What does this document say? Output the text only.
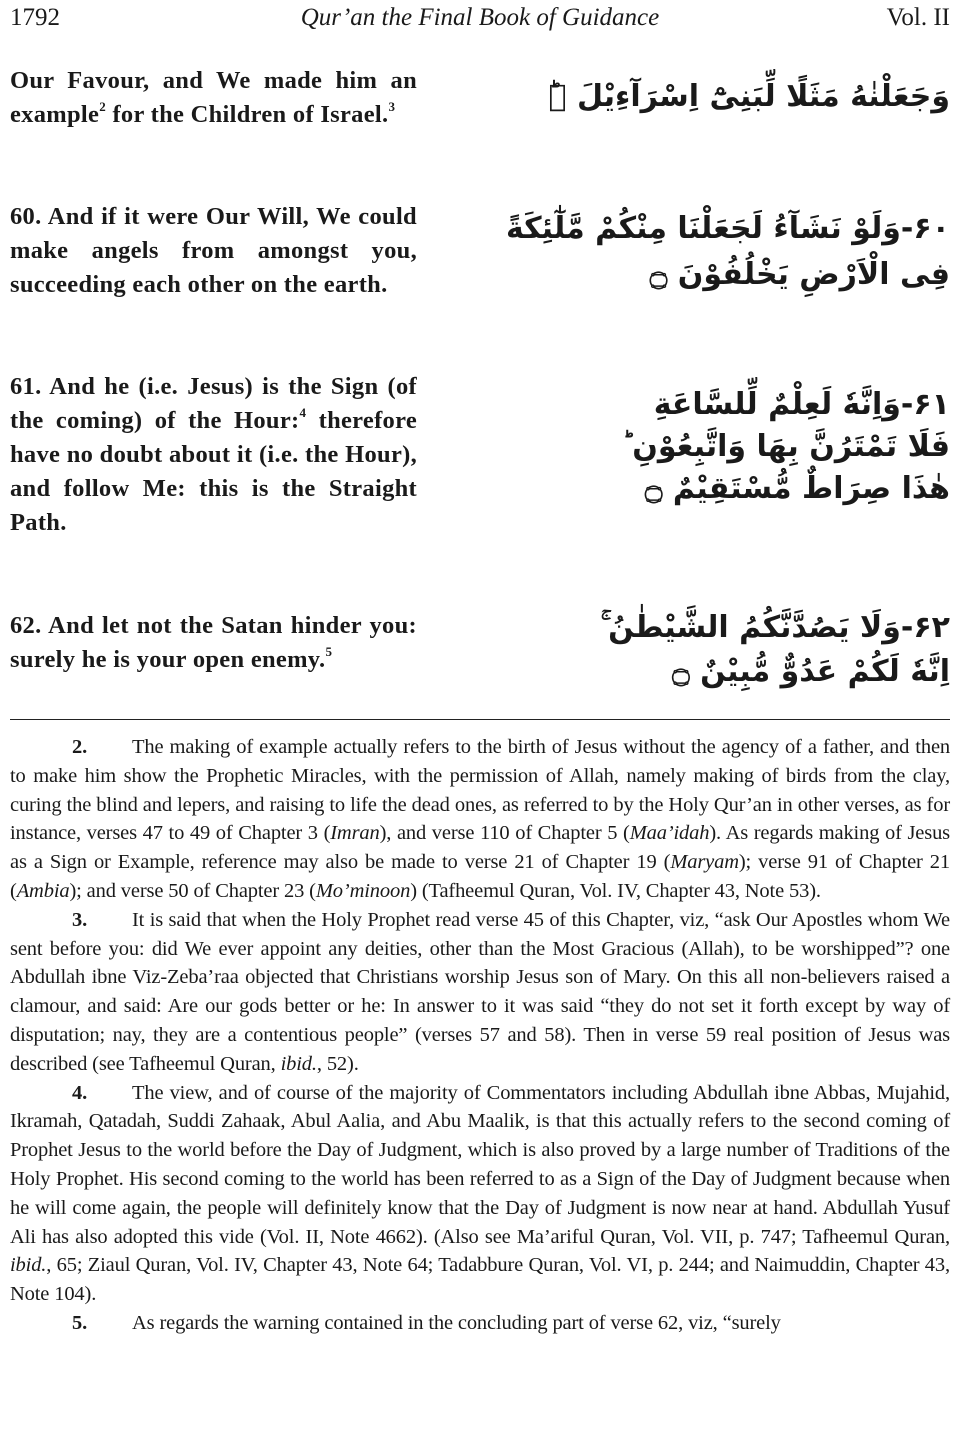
1792	Qur’an the Final Book of Guidance	Vol. II
Our Favour, and We made him an example$^2$ for the Children of Israel.$^3$	وَجَعَلْنٰهُ مَثَلًا لِّبَنِیْٓ اِسْرَآءِیْلَ ۝ؕ
60. And if it were Our Will, We could make angels from amongst you, succeeding each other on the earth.
۶۰-وَلَوْ نَشَآءُ لَجَعَلْنَا مِنْكُمْ مَّلٰٓئِكَةً
فِی الْاَرْضِ یَخْلُفُوْنَ ۝
61. And he (i.e. Jesus) is the Sign (of the coming) of the Hour:$^4$ therefore have no doubt about it (i.e. the Hour), and follow Me: this is the Straight Path.
۶۱-وَاِنَّهٗ لَعِلْمٌ لِّلسَّاعَةِ
فَلَا تَمْتَرُنَّ بِهَا وَاتَّبِعُوْنِ ؕ
هٰذَا صِرَاطٌ مُّسْتَقِیْمٌ ۝
62. And let not the Satan hinder you: surely he is your open enemy.$^5$
۶۲-وَلَا یَصُدَّنَّكُمُ الشَّیْطٰنُ ۚ
اِنَّهٗ لَكُمْ عَدُوٌّ مُّبِیْنٌ ۝

2. The making of example actually refers to the birth of Jesus without the agency of a father, and then to make him show the Prophetic Miracles, with the permission of Allah, namely making of birds from the clay, curing the blind and lepers, and raising to life the dead ones, as referred to by the Holy Qur’an in other verses, as for instance, verses 47 to 49 of Chapter 3 (Imran), and verse 110 of Chapter 5 (Maa’idah). As regards making of Jesus as a Sign or Example, reference may also be made to verse 21 of Chapter 19 (Maryam); verse 91 of Chapter 21 (Ambia); and verse 50 of Chapter 23 (Mo’minoon) (Tafheemul Quran, Vol. IV, Chapter 43, Note 53).

3. It is said that when the Holy Prophet read verse 45 of this Chapter, viz, “ask Our Apostles whom We sent before you: did We ever appoint any deities, other than the Most Gracious (Allah), to be worshipped”? one Abdullah ibne Viz-Zeba’raa objected that Christians worship Jesus son of Mary. On this all non-believers raised a clamour, and said: Are our gods better or he: In answer to it was said “they do not set it forth except by way of disputation; nay, they are a contentious people” (verses 57 and 58). Then in verse 59 real position of Jesus was described (see Tafheemul Quran, ibid., 52).

4. The view, and of course of the majority of Commentators including Abdullah ibne Abbas, Mujahid, Ikramah, Qatadah, Suddi Zahaak, Abul Aalia, and Abu Maalik, is that this actually refers to the second coming of Prophet Jesus to the world before the Day of Judgment, which is also proved by a large number of Traditions of the Holy Prophet. His second coming to the world has been referred to as a Sign of the Day of Judgment because when he will come again, the people will definitely know that the Day of Judgment is now near at hand. Abdullah Yusuf Ali has also adopted this vide (Vol. II, Note 4662). (Also see Ma’ariful Quran, Vol. VII, p. 747; Tafheemul Quran, ibid., 65; Ziaul Quran, Vol. IV, Chapter 43, Note 64; Tadabbure Quran, Vol. VI, p. 244; and Naimuddin, Chapter 43, Note 104).

5. As regards the warning contained in the concluding part of verse 62, viz, “surely
